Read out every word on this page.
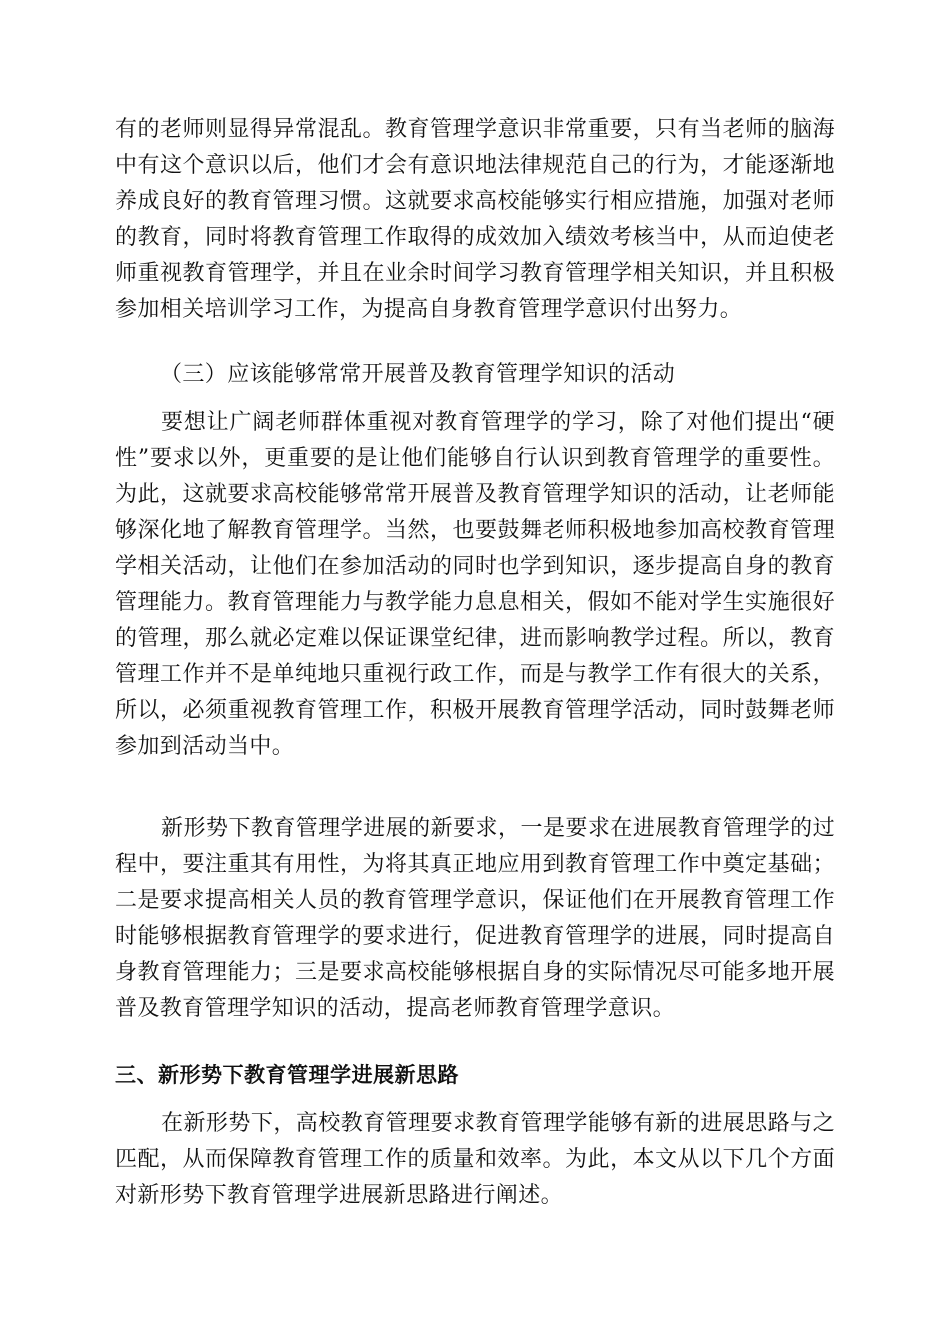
有的老师则显得异常混乱。教育管理学意识非常重要，只有当老师的脑海中有这个意识以后，他们才会有意识地法律规范自己的行为，才能逐渐地养成良好的教育管理习惯。这就要求高校能够实行相应措施，加强对老师的教育，同时将教育管理工作取得的成效加入绩效考核当中，从而迫使老师重视教育管理学，并且在业余时间学习教育管理学相关知识，并且积极参加相关培训学习工作，为提高自身教育管理学意识付出努力。

（三）应该能够常常开展普及教育管理学知识的活动

要想让广阔老师群体重视对教育管理学的学习，除了对他们提出“硬性”要求以外，更重要的是让他们能够自行认识到教育管理学的重要性。为此，这就要求高校能够常常开展普及教育管理学知识的活动，让老师能够深化地了解教育管理学。当然，也要鼓舞老师积极地参加高校教育管理学相关活动，让他们在参加活动的同时也学到知识，逐步提高自身的教育管理能力。教育管理能力与教学能力息息相关，假如不能对学生实施很好的管理，那么就必定难以保证课堂纪律，进而影响教学过程。所以，教育管理工作并不是单纯地只重视行政工作，而是与教学工作有很大的关系，所以，必须重视教育管理工作，积极开展教育管理学活动，同时鼓舞老师参加到活动当中。

新形势下教育管理学进展的新要求，一是要求在进展教育管理学的过程中，要注重其有用性，为将其真正地应用到教育管理工作中奠定基础；二是要求提高相关人员的教育管理学意识，保证他们在开展教育管理工作时能够根据教育管理学的要求进行，促进教育管理学的进展，同时提高自身教育管理能力；三是要求高校能够根据自身的实际情况尽可能多地开展普及教育管理学知识的活动，提高老师教育管理学意识。

三、新形势下教育管理学进展新思路

在新形势下，高校教育管理要求教育管理学能够有新的进展思路与之匹配，从而保障教育管理工作的质量和效率。为此，本文从以下几个方面对新形势下教育管理学进展新思路进行阐述。
